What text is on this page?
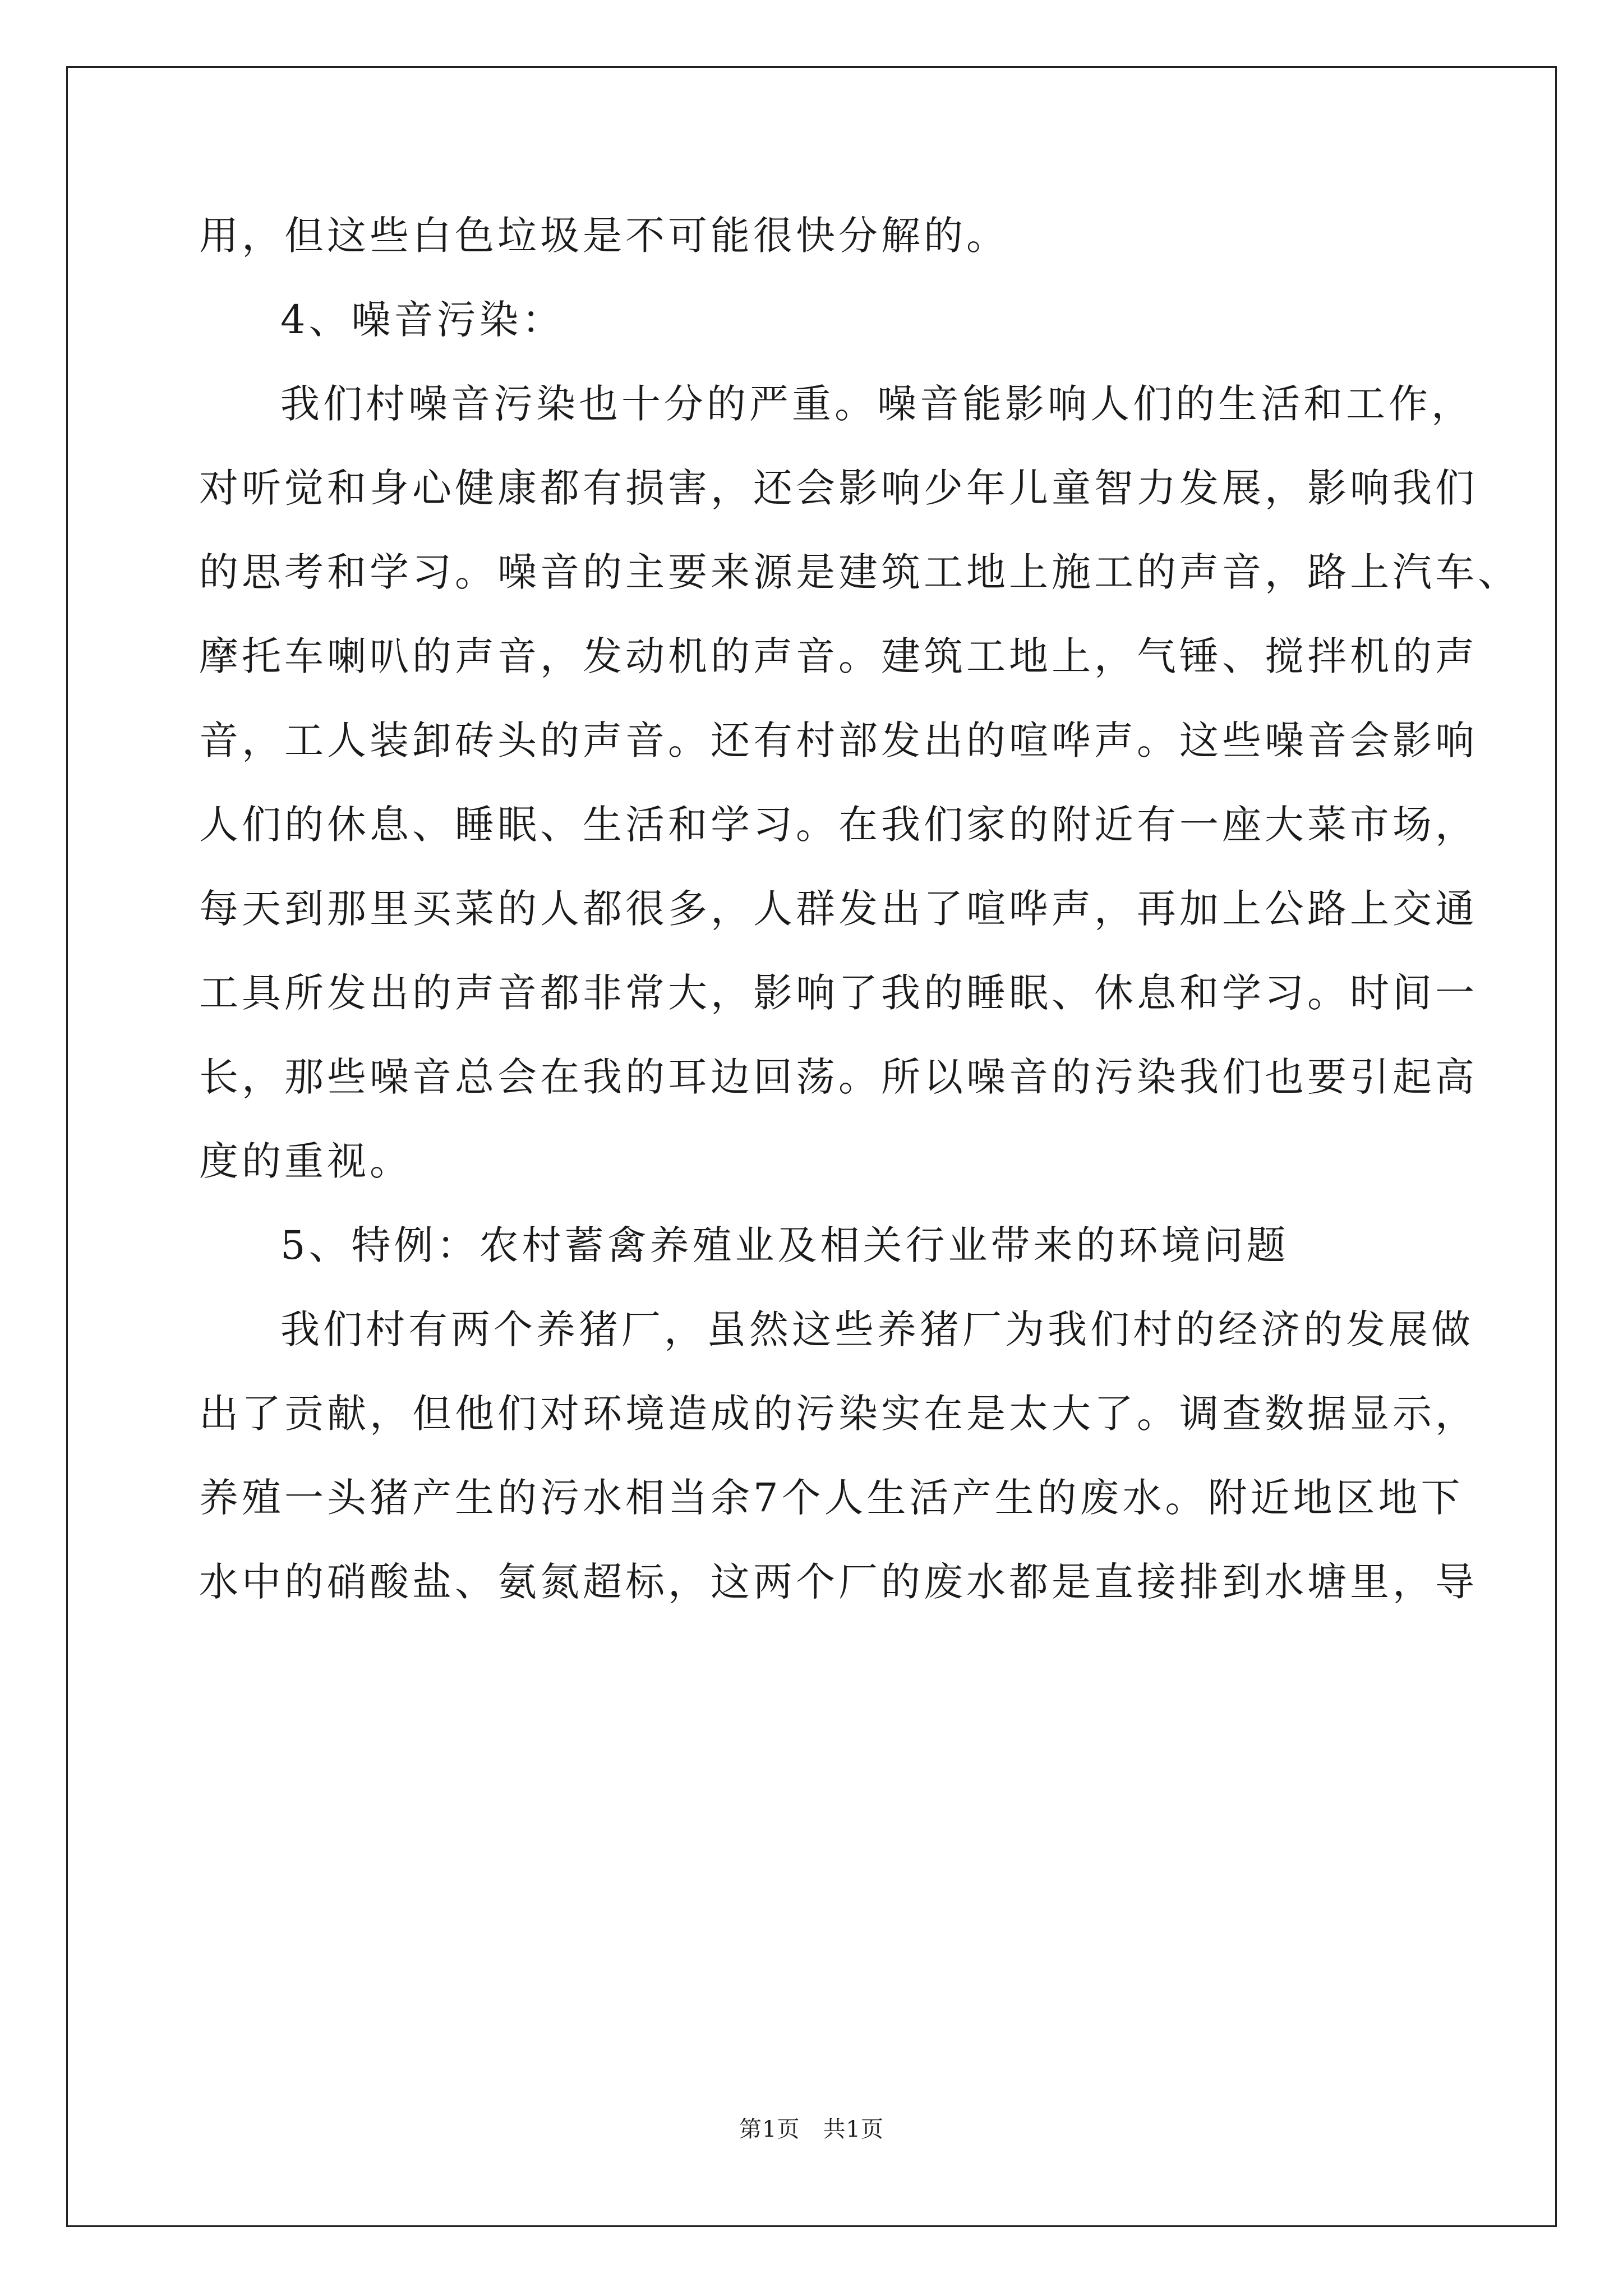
用，但这些白色垃圾是不可能很快分解的。
4、噪音污染：
我们村噪音污染也十分的严重。噪音能影响人们的生活和工作，
对听觉和身心健康都有损害，还会影响少年儿童智力发展，影响我们
的思考和学习。噪音的主要来源是建筑工地上施工的声音，路上汽车、
摩托车喇叭的声音，发动机的声音。建筑工地上，气锤、搅拌机的声
音，工人装卸砖头的声音。还有村部发出的喧哗声。这些噪音会影响
人们的休息、睡眠、生活和学习。在我们家的附近有一座大菜市场，
每天到那里买菜的人都很多，人群发出了喧哗声，再加上公路上交通
工具所发出的声音都非常大，影响了我的睡眠、休息和学习。时间一
长，那些噪音总会在我的耳边回荡。所以噪音的污染我们也要引起高
度的重视。
5、特例：农村蓄禽养殖业及相关行业带来的环境问题
我们村有两个养猪厂，虽然这些养猪厂为我们村的经济的发展做
出了贡献，但他们对环境造成的污染实在是太大了。调查数据显示，
养殖一头猪产生的污水相当余7个人生活产生的废水。附近地区地下
水中的硝酸盐、氨氮超标，这两个厂的废水都是直接排到水塘里，导
第1页　共1页
